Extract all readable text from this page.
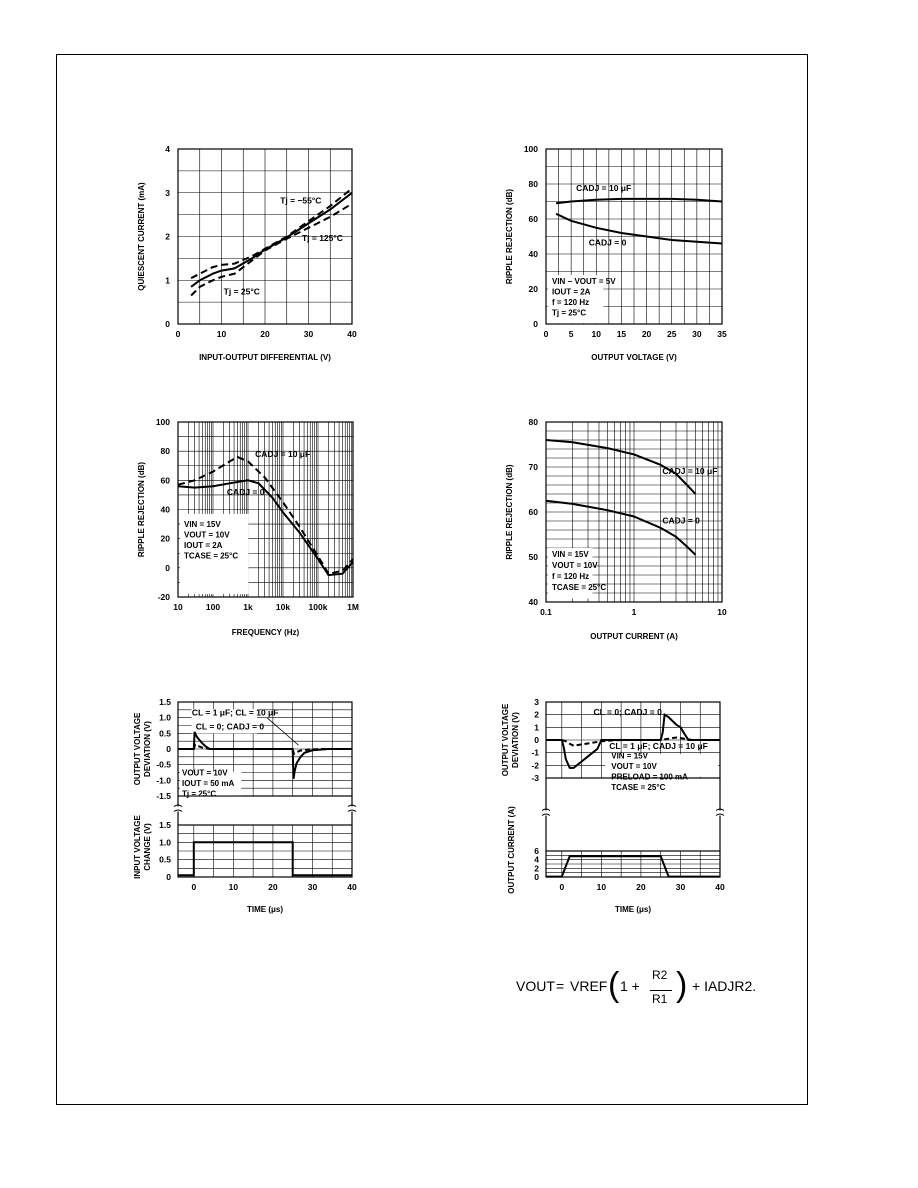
0	10	20	30	40
0
1
2
3
4
INPUT-OUTPUT DIFFERENTIAL (V)
QUIESCENT CURRENT (mA)	Tj = −55°C
Tj = 125°C
Tj = 25°C
0 5 10 15 20 25 30 35
0
20
40
60
80
100
OUTPUT VOLTAGE (V)
RIPPLE REJECTION (dB)
CADJ = 10 μF
CADJ = 0
VIN − VOUT = 5V
IOUT = 2A
f = 120 Hz
Tj = 25°C
10	100	1k	10k 100k 1M
-20
0
20
40
60
80
100
FREQUENCY (Hz)
RIPPLE REJECTION (dB)
CADJ = 10 μF
CADJ = 0
VIN = 15V
VOUT = 10V
IOUT = 2A
TCASE = 25°C
0.1	1	10
40
50
60
70
80
OUTPUT CURRENT (A)
RIPPLE REJECTION (dB)	CADJ = 10 μF
CADJ = 0
VIN = 15V
VOUT = 10V
f = 120 Hz
TCASE = 25°C
1.5
1.0
0.5
0
-0.5
-1.0
-1.5
1.5
1.0
0.5
0
0	10	20	30	40
TIME (μs)
OUTPUT VOLTAGEDEVIATION (V)
INPUT VOLTAGECHANGE (V)
CL = 1 μF; CL = 10 μF
CL = 0; CADJ = 0
VOUT = 10V
IOUT = 50 mA
Tj = 25°C
3
2
1
0
-1
-2
-3
6
4
2
0
0	10	20	30	40
TIME (μs)
OUTPUT VOLTAGEDEVIATION (V)
OUTPUT CURRENT (A)
CL = 0; CADJ = 0
CL = 1 μF; CADJ = 10 μF
VIN = 15V
VOUT = 10V
PRELOAD = 100 mA
TCASE = 25°C
VOUT = VREF ( 1 +
R2
R1 ) + IADJR2.
